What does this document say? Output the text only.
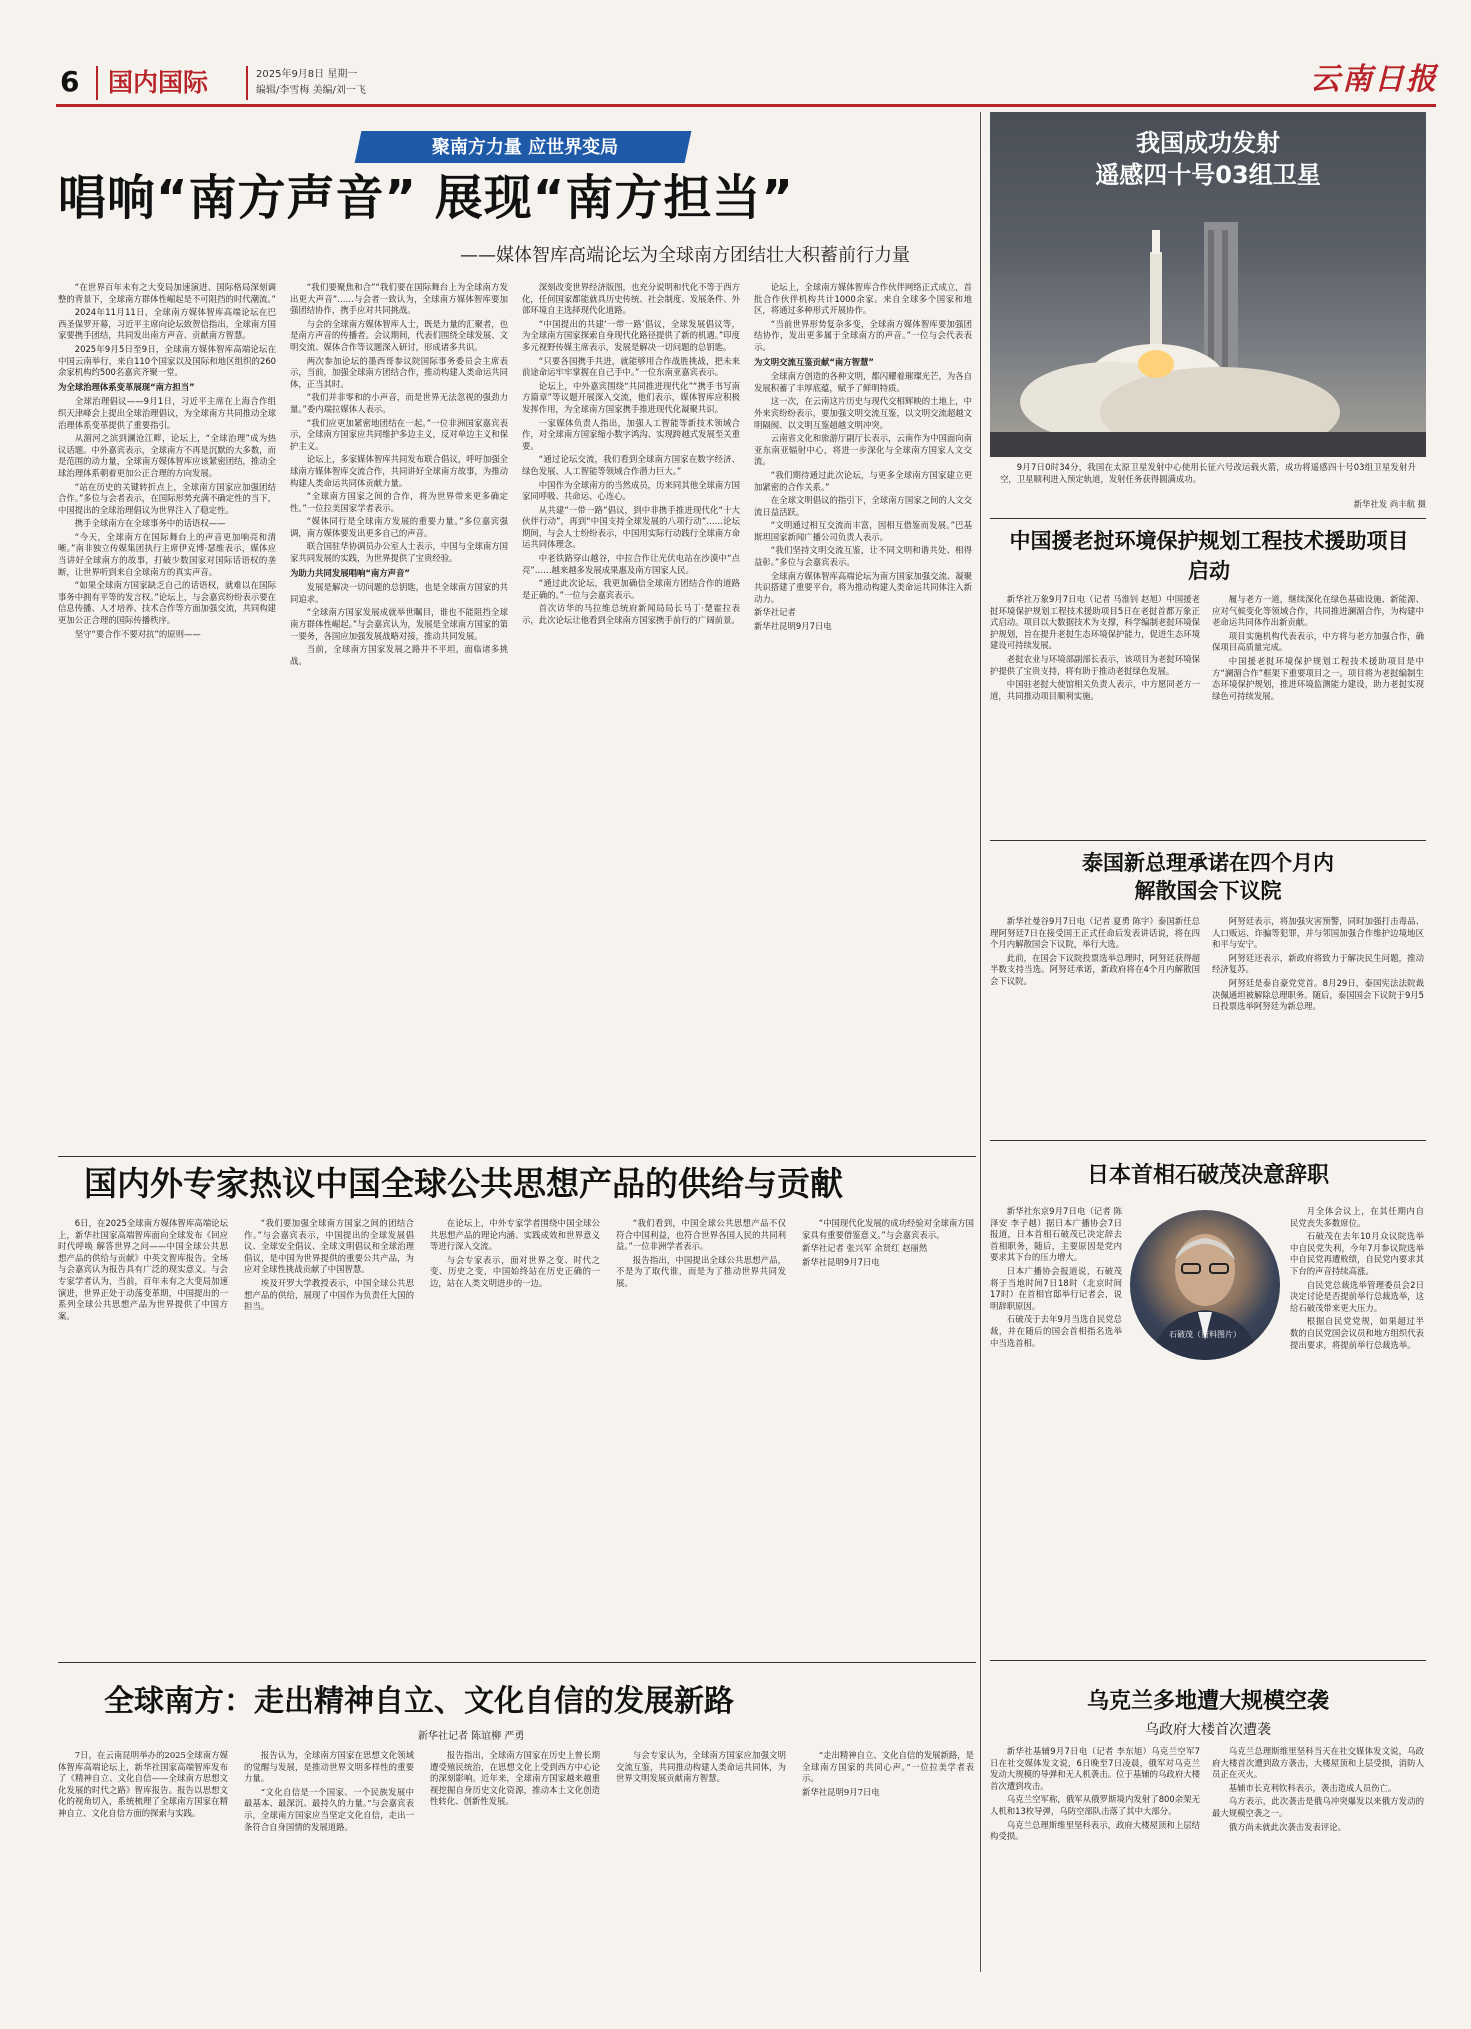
6 国内国际	2025年9月8日 星期一
编辑/李雪梅 美编/刘一飞	云南日报
聚南方力量 应世界变局
唱响“南方声音” 展现“南方担当”
——媒体智库高端论坛为全球南方团结壮大积蓄前行力量

“在世界百年未有之大变局加速演进、国际格局深刻调整的背景下，全球南方群体性崛起是不可阻挡的时代潮流。”

2024年11月11日，全球南方媒体智库高端论坛在巴西圣保罗开幕，习近平主席向论坛致贺信指出，全球南方国家要携手团结，共同发出南方声音、贡献南方智慧。

2025年9月5日至9日，全球南方媒体智库高端论坛在中国云南举行，来自110个国家以及国际和地区组织的260余家机构约500名嘉宾齐聚一堂。

为全球治理体系变革展现“南方担当”

全球治理倡议——9月1日，习近平主席在上海合作组织天津峰会上提出全球治理倡议，为全球南方共同推动全球治理体系变革提供了重要指引。

从湄河之滨到澜沧江畔，论坛上，“全球治理”成为热议话题。中外嘉宾表示，全球南方不再是沉默的大多数，而是范围的动力量，全球南方媒体智库应该紧密团结，推动全球治理体系朝着更加公正合理的方向发展。

“站在历史的关键转折点上，全球南方国家应加强团结合作。”多位与会者表示，在国际形势充满不确定性的当下，中国提出的全球治理倡议为世界注入了稳定性。

携手全球南方在全球事务中的话语权——

“今天，全球南方在国际舞台上的声音更加响亮和清晰。”南非独立传媒集团执行主席伊克博·瑟维表示，媒体应当讲好全球南方的故事，打破少数国家对国际话语权的垄断，让世界听到来自全球南方的真实声音。

“如果全球南方国家缺乏自己的话语权，就难以在国际事务中拥有平等的发言权。”论坛上，与会嘉宾纷纷表示要在信息传播、人才培养、技术合作等方面加强交流，共同构建更加公正合理的国际传播秩序。

坚守“要合作不要对抗”的原则——

“我们要聚焦和合”“我们要在国际舞台上为全球南方发出更大声音”……与会者一致认为，全球南方媒体智库要加强团结协作，携手应对共同挑战。

与会的全球南方媒体智库人士，既是力量的汇聚者，也是南方声音的传播者。会议期间，代表们围绕全球发展、文明交流、媒体合作等议题深入研讨，形成诸多共识。

两次参加论坛的墨西哥参议院国际事务委员会主席表示，当前，加强全球南方团结合作，推动构建人类命运共同体，正当其时。

“我们并非零和的小声音，而是世界无法忽视的强劲力量。”委内瑞拉媒体人表示。

“我们应更加紧密地团结在一起。”一位非洲国家嘉宾表示，全球南方国家应共同维护多边主义，反对单边主义和保护主义。

论坛上，多家媒体智库共同发布联合倡议，呼吁加强全球南方媒体智库交流合作，共同讲好全球南方故事，为推动构建人类命运共同体贡献力量。

“全球南方国家之间的合作，将为世界带来更多确定性。”一位拉美国家学者表示。

“媒体同行是全球南方发展的重要力量。”多位嘉宾强调，南方媒体要发出更多自己的声音。

联合国驻华协调员办公室人士表示，中国与全球南方国家共同发展的实践，为世界提供了宝贵经验。

为助力共同发展唱响“南方声音”

发展是解决一切问题的总钥匙，也是全球南方国家的共同追求。

“全球南方国家发展成就举世瞩目，谁也不能阻挡全球南方群体性崛起。”与会嘉宾认为，发展是全球南方国家的第一要务，各国应加强发展战略对接，推动共同发展。

当前，全球南方国家发展之路并不平坦，面临诸多挑战。

深刻改变世界经济版图，也充分说明和代化不等于西方化，任何国家都能就具历史传统、社会制度、发展条件、外部环境自主选择现代化道路。

“中国提出的共建‘一带一路’倡议，全球发展倡议等，为全球南方国家探索自身现代化路径提供了新的机遇。”印度多元视野传媒主席表示，发展是解决一切问题的总钥匙。

“只要各国携手共进，就能够用合作战胜挑战，把未来前途命运牢牢掌握在自己手中。”一位东南亚嘉宾表示。

论坛上，中外嘉宾围绕“共同推进现代化”“携手书写南方篇章”等议题开展深入交流，他们表示，媒体智库应积极发挥作用，为全球南方国家携手推进现代化凝聚共识。

一家媒体负责人指出，加强人工智能等新技术领域合作，对全球南方国家缩小数字鸿沟、实现跨越式发展至关重要。

“通过论坛交流，我们看到全球南方国家在数字经济、绿色发展、人工智能等领域合作潜力巨大。”

中国作为全球南方的当然成员，历来同其他全球南方国家同呼吸、共命运、心连心。

从共建“一带一路”倡议，到中非携手推进现代化“十大伙伴行动”，再到“中国支持全球发展的八项行动”……论坛期间，与会人士纷纷表示，中国用实际行动践行全球南方命运共同体理念。

中老铁路穿山越谷，中拉合作让光伏电站在沙漠中“点亮”……越来越多发展成果惠及南方国家人民。

“通过此次论坛，我更加确信全球南方团结合作的道路是正确的。”一位与会嘉宾表示。

首次访华的马拉维总统府新闻局局长马丁·楚霍拉表示，此次论坛让他看到全球南方国家携手前行的广阔前景。

论坛上，全球南方媒体智库合作伙伴网络正式成立，首批合作伙伴机构共计1000余家。来自全球多个国家和地区，将通过多种形式开展协作。

“当前世界形势复杂多变，全球南方媒体智库要加强团结协作，发出更多属于全球南方的声音。”一位与会代表表示。

为文明交流互鉴贡献“南方智慧”

全球南方创造的各种文明，都闪耀着璀璨光芒，为各自发展积蓄了丰厚底蕴，赋予了鲜明特质。

这一次，在云南这片历史与现代交相辉映的土地上，中外来宾纷纷表示，要加强文明交流互鉴，以文明交流超越文明隔阂、以文明互鉴超越文明冲突。

云南省文化和旅游厅副厅长表示，云南作为中国面向南亚东南亚辐射中心，将进一步深化与全球南方国家人文交流。

“我们期待通过此次论坛，与更多全球南方国家建立更加紧密的合作关系。”

在全球文明倡议的指引下，全球南方国家之间的人文交流日益活跃。

“文明通过相互交流而丰富，因相互借鉴而发展。”巴基斯坦国家新闻广播公司负责人表示。

“我们坚持文明交流互鉴，让不同文明和谐共处、相得益彰。”多位与会嘉宾表示。

全球南方媒体智库高端论坛为南方国家加强交流、凝聚共识搭建了重要平台，将为推动构建人类命运共同体注入新动力。

新华社记者

新华社昆明9月7日电

国内外专家热议中国全球公共思想产品的供给与贡献

6日，在2025全球南方媒体智库高端论坛上，新华社国家高端智库面向全球发布《回应时代呼唤 解答世界之问——中国全球公共思想产品的供给与贡献》中英文智库报告。全场与会嘉宾认为报告具有广泛的现实意义。与会专家学者认为，当前，百年未有之大变局加速演进，世界正处于动荡变革期，中国提出的一系列全球公共思想产品为世界提供了中国方案。

“我们要加强全球南方国家之间的团结合作。”与会嘉宾表示，中国提出的全球发展倡议、全球安全倡议、全球文明倡议和全球治理倡议，是中国为世界提供的重要公共产品，为应对全球性挑战贡献了中国智慧。

埃及开罗大学教授表示，中国全球公共思想产品的供给，展现了中国作为负责任大国的担当。

在论坛上，中外专家学者围绕中国全球公共思想产品的理论内涵、实践成效和世界意义等进行深入交流。

与会专家表示，面对世界之变、时代之变、历史之变，中国始终站在历史正确的一边，站在人类文明进步的一边。

“我们看到，中国全球公共思想产品不仅符合中国利益，也符合世界各国人民的共同利益。”一位非洲学者表示。

报告指出，中国提出全球公共思想产品，不是为了取代谁，而是为了推动世界共同发展。

“中国现代化发展的成功经验对全球南方国家具有重要借鉴意义。”与会嘉宾表示。

新华社记者 张兴军 余贤红 赵丽然

新华社昆明9月7日电

全球南方：走出精神自立、文化自信的发展新路
新华社记者 陈谊柳 严勇

7日，在云南昆明举办的2025全球南方媒体智库高端论坛上，新华社国家高端智库发布了《精神自立、文化自信——全球南方思想文化发展的时代之路》智库报告。报告以思想文化的视角切入，系统梳理了全球南方国家在精神自立、文化自信方面的探索与实践。

报告认为，全球南方国家在思想文化领域的觉醒与发展，是推动世界文明多样性的重要力量。

“文化自信是一个国家、一个民族发展中最基本、最深沉、最持久的力量。”与会嘉宾表示，全球南方国家应当坚定文化自信，走出一条符合自身国情的发展道路。

报告指出，全球南方国家在历史上曾长期遭受殖民统治，在思想文化上受到西方中心论的深刻影响。近年来，全球南方国家越来越重视挖掘自身历史文化资源，推动本土文化创造性转化、创新性发展。

与会专家认为，全球南方国家应加强文明交流互鉴，共同推动构建人类命运共同体，为世界文明发展贡献南方智慧。

“走出精神自立、文化自信的发展新路，是全球南方国家的共同心声。”一位拉美学者表示。

新华社昆明9月7日电

我国成功发射
遥感四十号03组卫星
9月7日0时34分，我国在太原卫星发射中心使用长征六号改运载火箭，成功将遥感四十号03组卫星发射升空，卫星顺利进入预定轨道，发射任务获得圆满成功。
新华社发 尚丰航 摄
中国援老挝环境保护规划工程技术援助项目启动

新华社万象9月7日电（记者 马淮钊 赵旭）中国援老挝环境保护规划工程技术援助项目5日在老挝首都万象正式启动。项目以大数据技术为支撑，科学编制老挝环境保护规划，旨在提升老挝生态环境保护能力，促进生态环境建设可持续发展。

老挝农业与环境部副部长表示，该项目为老挝环境保护提供了宝贵支持，将有助于推动老挝绿色发展。

中国驻老挝大使馆相关负责人表示，中方愿同老方一道，共同推动项目顺利实施。

履与老方一道，继续深化在绿色基础设施、新能源、应对气候变化等领域合作，共同推进澜湄合作，为构建中老命运共同体作出新贡献。

项目实施机构代表表示，中方将与老方加强合作，确保项目高质量完成。

中国援老挝环境保护规划工程技术援助项目是中方“澜湄合作”框架下重要项目之一。项目将为老挝编制生态环境保护规划，推进环境监测能力建设，助力老挝实现绿色可持续发展。

泰国新总理承诺在四个月内
解散国会下议院

新华社曼谷9月7日电（记者 夏勇 陈宇）泰国新任总理阿努廷7日在接受国王正式任命后发表讲话说，将在四个月内解散国会下议院，举行大选。

此前，在国会下议院投票选举总理时，阿努廷获得超半数支持当选。阿努廷承诺，新政府将在4个月内解散国会下议院。

阿努廷表示，将加强灾害预警，同时加强打击毒品、人口贩运、诈骗等犯罪，并与邻国加强合作维护边境地区和平与安宁。

阿努廷还表示，新政府将致力于解决民生问题，推动经济复苏。

阿努廷是泰自豪党党首。8月29日，泰国宪法法院裁决佩通坦被解除总理职务。随后，泰国国会下议院于9月5日投票选举阿努廷为新总理。

日本首相石破茂决意辞职
石破茂（资料图片）

新华社东京9月7日电（记者 陈泽安 李子越）据日本广播协会7日报道，日本首相石破茂已决定辞去首相职务，随后，主要原因是党内要求其下台的压力增大。

日本广播协会报道说，石破茂将于当地时间7日18时（北京时间17时）在首相官邸举行记者会，说明辞职原因。

石破茂于去年9月当选自民党总裁，并在随后的国会首相指名选举中当选首相。

月全体会议上，在其任期内自民党丧失多数席位。

石破茂在去年10月众议院选举中自民党失利，今年7月参议院选举中自民党再遭败绩，自民党内要求其下台的声音持续高涨。

自民党总裁选举管理委员会2日决定讨论是否提前举行总裁选举，这给石破茂带来更大压力。

根据自民党党规，如果超过半数的自民党国会议员和地方组织代表提出要求，将提前举行总裁选举。

乌克兰多地遭大规模空袭
乌政府大楼首次遭袭

新华社基辅9月7日电（记者 李东旭）乌克兰空军7日在社交媒体发文说，6日晚至7日凌晨，俄军对乌克兰发动大规模的导弹和无人机袭击。位于基辅的乌政府大楼首次遭到攻击。

乌克兰空军称，俄军从俄罗斯境内发射了800余架无人机和13枚导弹，乌防空部队击落了其中大部分。

乌克兰总理斯维里坚科表示，政府大楼屋顶和上层结构受损。

乌克兰总理斯维里坚科当天在社交媒体发文说，乌政府大楼首次遭到敌方袭击，大楼屋顶和上层受损，消防人员正在灭火。

基辅市长克利钦科表示，袭击造成人员伤亡。

乌方表示，此次袭击是俄乌冲突爆发以来俄方发动的最大规模空袭之一。

俄方尚未就此次袭击发表评论。
